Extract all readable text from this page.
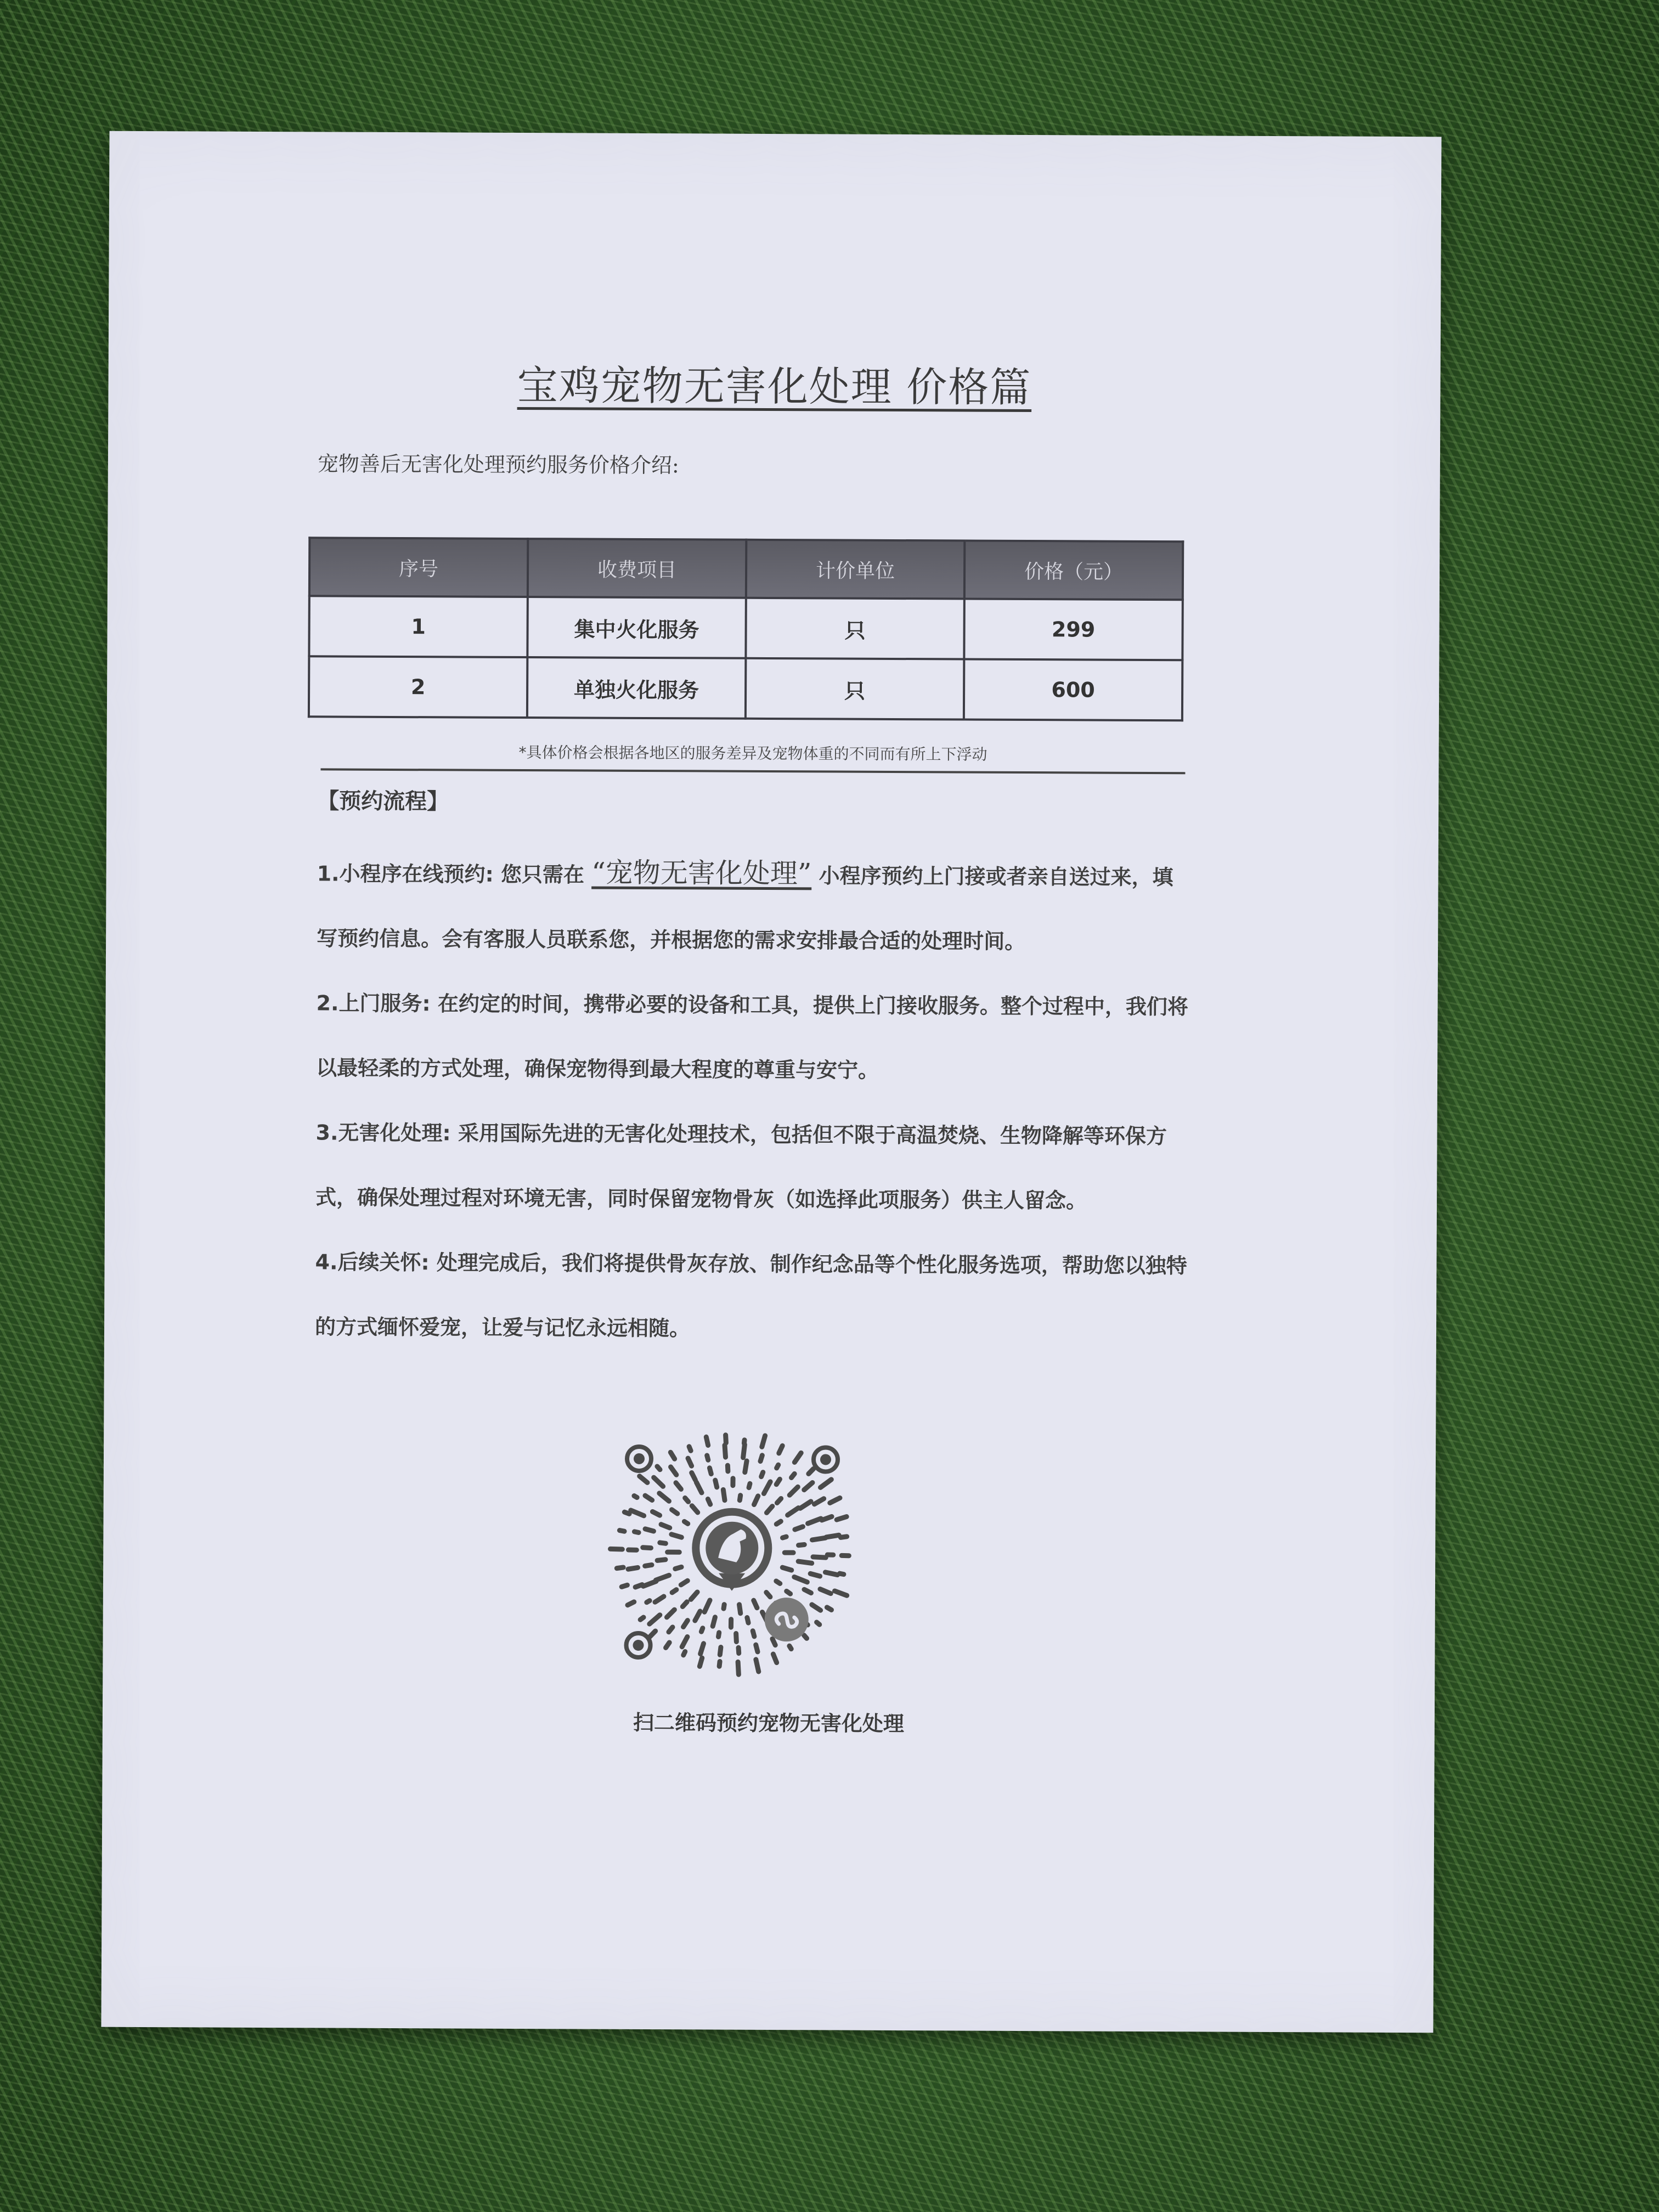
宝鸡宠物无害化处理 价格篇
宠物善后无害化处理预约服务价格介绍:
序号	收费项目	计价单位	价格（元）
1	集中火化服务	只	299
2	单独火化服务	只	600
*具体价格会根据各地区的服务差异及宠物体重的不同而有所上下浮动
【预约流程】

1.小程序在线预约: 您只需在 “宠物无害化处理” 小程序预约上门接或者亲自送过来，填写预约信息。会有客服人员联系您，并根据您的需求安排最合适的处理时间。

2.上门服务: 在约定的时间，携带必要的设备和工具，提供上门接收服务。整个过程中，我们将以最轻柔的方式处理，确保宠物得到最大程度的尊重与安宁。

3.无害化处理: 采用国际先进的无害化处理技术，包括但不限于高温焚烧、生物降解等环保方式，确保处理过程对环境无害，同时保留宠物骨灰（如选择此项服务）供主人留念。

4.后续关怀: 处理完成后，我们将提供骨灰存放、制作纪念品等个性化服务选项，帮助您以独特的方式缅怀爱宠，让爱与记忆永远相随。

扫二维码预约宠物无害化处理
